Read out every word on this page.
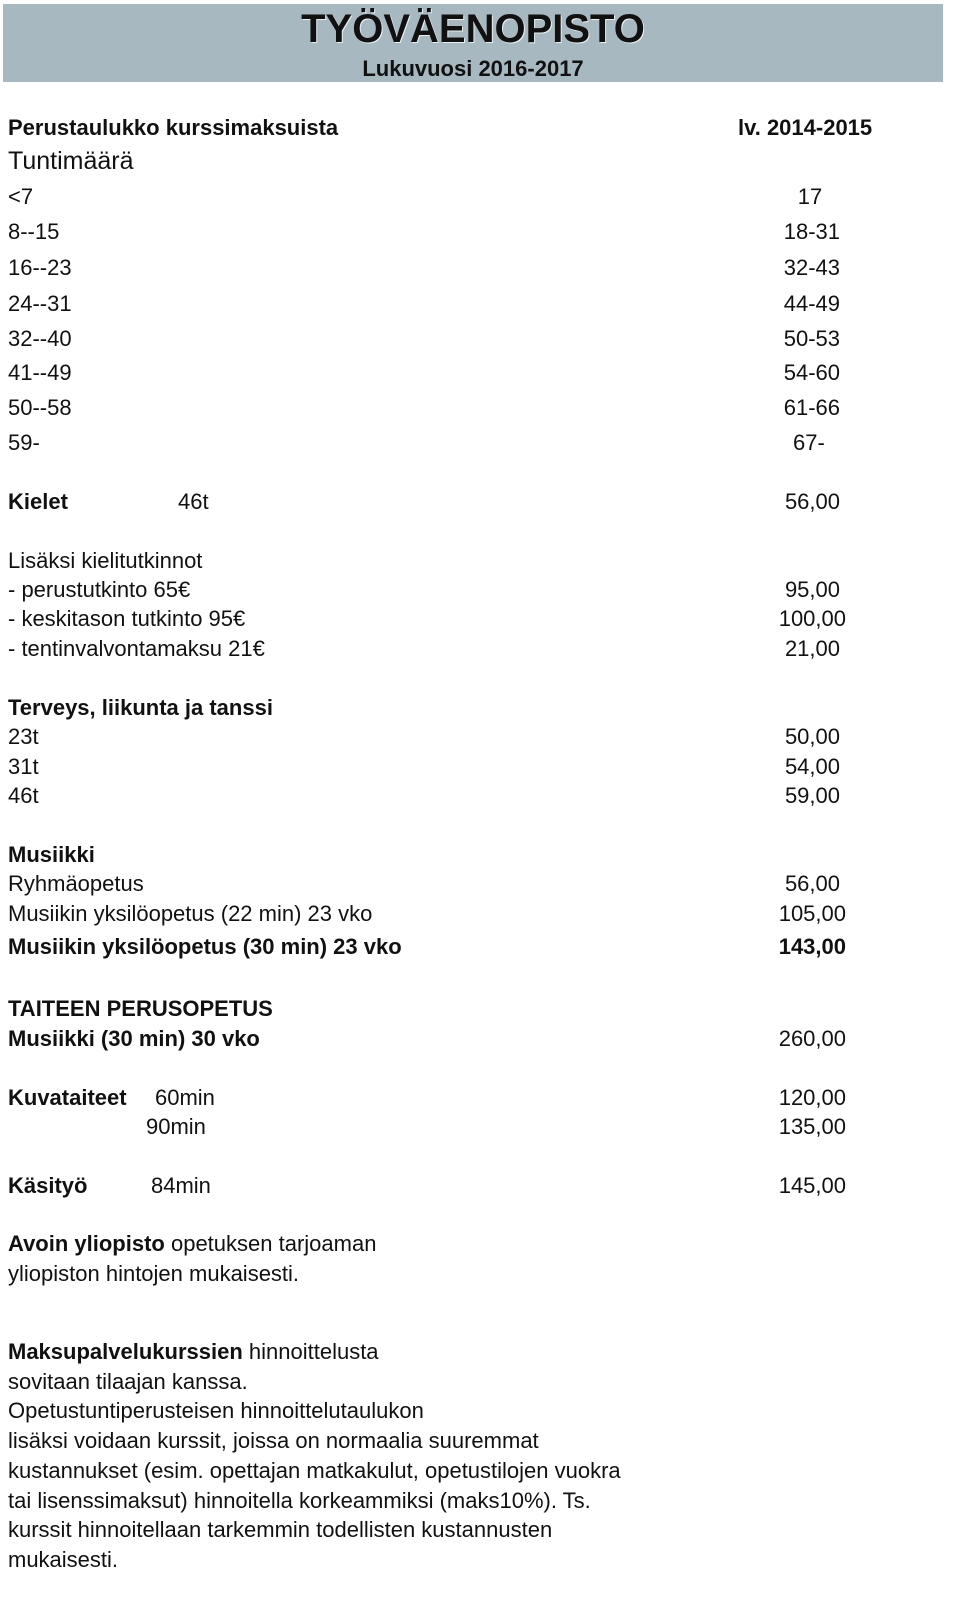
TYÖVÄENOPISTO
Lukuvuosi 2016-2017
Perustaulukko kurssimaksuista	lv. 2014-2015
Tuntimäärä
<7	17
8--15	18-31
16--23	32-43
24--31	44-49
32--40	50-53
41--49	54-60
50--58	61-66
59-	67-
Kielet	46t	56,00
Lisäksi kielitutkinnot
- perustutkinto 65€	95,00
- keskitason tutkinto 95€	100,00
- tentinvalvontamaksu 21€	21,00
Terveys, liikunta ja tanssi
23t	50,00
31t	54,00
46t	59,00
Musiikki
Ryhmäopetus	56,00
Musiikin yksilöopetus (22 min) 23 vko	105,00
Musiikin yksilöopetus (30 min) 23 vko	143,00
TAITEEN PERUSOPETUS
Musiikki (30 min) 30 vko	260,00
Kuvataiteet 60min	120,00
90min	135,00
Käsityö	84min	145,00
Avoin yliopisto opetuksen tarjoaman
yliopiston hintojen mukaisesti.
Maksupalvelukurssien hinnoittelusta
sovitaan tilaajan kanssa.
Opetustuntiperusteisen hinnoittelutaulukon
lisäksi voidaan kurssit, joissa on normaalia suuremmat
kustannukset (esim. opettajan matkakulut, opetustilojen vuokra
tai lisenssimaksut) hinnoitella korkeammiksi (maks10%). Ts.
kurssit hinnoitellaan tarkemmin todellisten kustannusten
mukaisesti.
